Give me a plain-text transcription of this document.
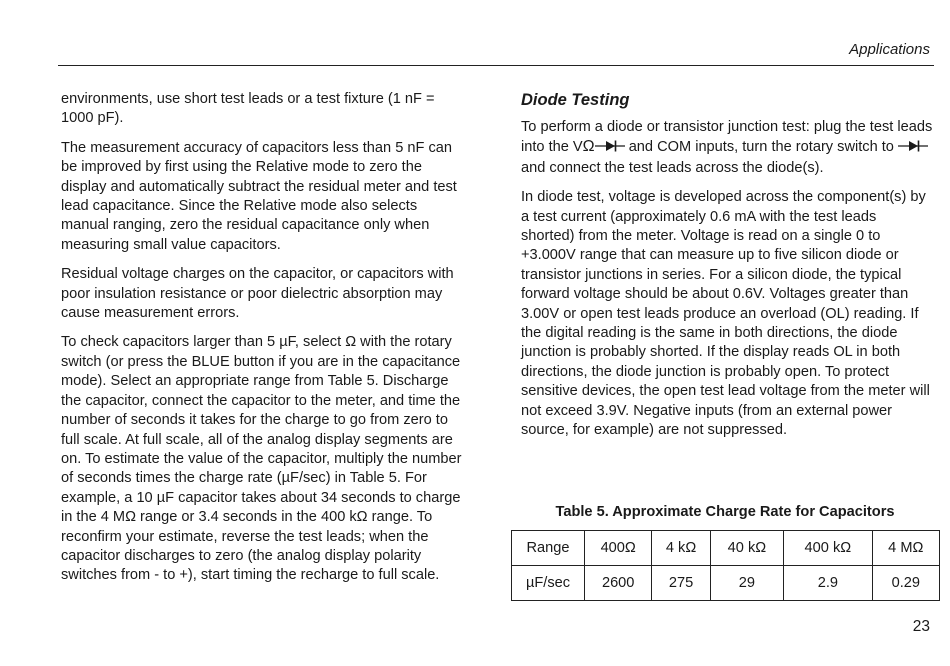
Applications

environments, use short test leads or a test fixture (1 nF = 1000 pF).

The measurement accuracy of capacitors less than 5 nF can be improved by first using the Relative mode to zero the display and automatically subtract the residual meter and test lead capacitance. Since the Relative mode also selects manual ranging, zero the residual capacitance only when measuring small value capacitors.

Residual voltage charges on the capacitor, or capacitors with poor insulation resistance or poor dielectric absorption may cause measurement errors.

To check capacitors larger than 5 µF, select Ω with the rotary switch (or press the BLUE button if you are in the capacitance mode). Select an appropriate range from Table 5. Discharge the capacitor, connect the capacitor to the meter, and time the number of seconds it takes for the charge to go from zero to full scale. At full scale, all of the analog display segments are on. To estimate the value of the capacitor, multiply the number of seconds times the charge rate (µF/sec) in Table 5. For example, a 10 µF capacitor takes about 34 seconds to charge in the 4 MΩ range or 3.4 seconds in the 400 kΩ range. To reconfirm your estimate, reverse the test leads; when the capacitor discharges to zero (the analog display polarity switches from - to +), start timing the recharge to full scale.

Diode Testing

To perform a diode or transistor junction test: plug the test leads into the VΩ and COM inputs, turn the rotary switch to  and connect the test leads across the diode(s).

In diode test, voltage is developed across the component(s) by a test current (approximately 0.6 mA with the test leads shorted) from the meter. Voltage is read on a single 0 to +3.000V range that can measure up to five silicon diode or transistor junctions in series. For a silicon diode, the typical forward voltage should be about 0.6V. Voltages greater than 3.00V or open test leads produce an overload (OL) reading. If the digital reading is the same in both directions, the diode junction is probably shorted. If the display reads OL in both directions, the diode junction is probably open. To protect sensitive devices, the open test lead voltage from the meter will not exceed 3.9V. Negative inputs (from an external power source, for example) are not suppressed.

Table 5. Approximate Charge Rate for Capacitors
Range	400Ω	4 kΩ	40 kΩ	400 kΩ	4 MΩ
µF/sec	2600	275	29	2.9	0.29
23
